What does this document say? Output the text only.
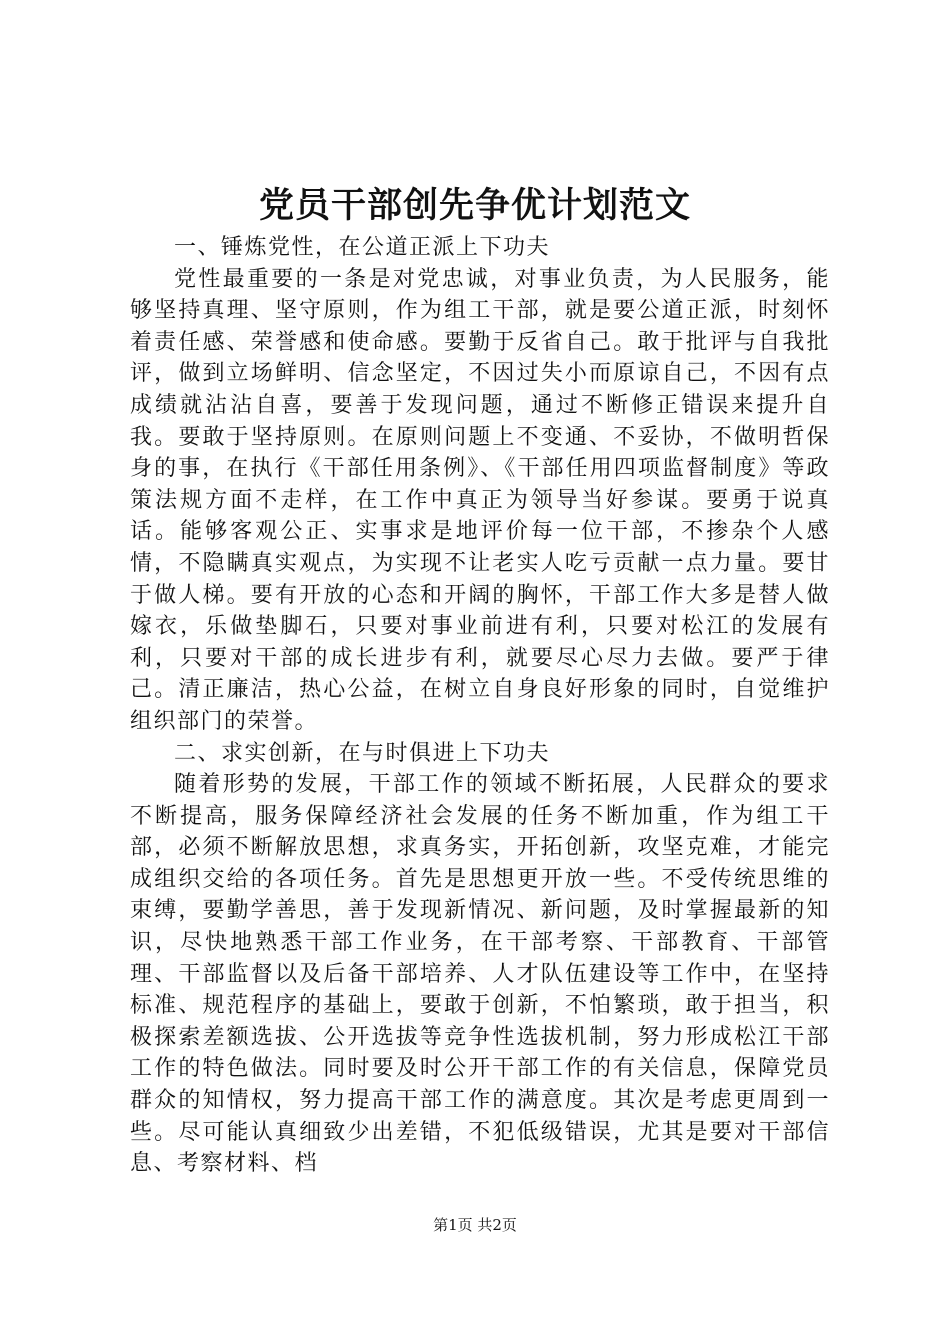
党员干部创先争优计划范文

一、锤炼党性，在公道正派上下功夫

党性最重要的一条是对党忠诚，对事业负责，为人民服务，能够坚持真理、坚守原则，作为组工干部，就是要公道正派，时刻怀着责任感、荣誉感和使命感。要勤于反省自己。敢于批评与自我批评，做到立场鲜明、信念坚定，不因过失小而原谅自己，不因有点成绩就沾沾自喜，要善于发现问题，通过不断修正错误来提升自我。要敢于坚持原则。在原则问题上不变通、不妥协，不做明哲保身的事，在执行《干部任用条例》、《干部任用四项监督制度》等政策法规方面不走样，在工作中真正为领导当好参谋。要勇于说真话。能够客观公正、实事求是地评价每一位干部，不掺杂个人感情，不隐瞒真实观点，为实现不让老实人吃亏贡献一点力量。要甘于做人梯。要有开放的心态和开阔的胸怀，干部工作大多是替人做嫁衣，乐做垫脚石，只要对事业前进有利，只要对松江的发展有利，只要对干部的成长进步有利，就要尽心尽力去做。要严于律己。清正廉洁，热心公益，在树立自身良好形象的同时，自觉维护组织部门的荣誉。

二、求实创新，在与时俱进上下功夫

随着形势的发展，干部工作的领域不断拓展，人民群众的要求不断提高，服务保障经济社会发展的任务不断加重，作为组工干部，必须不断解放思想，求真务实，开拓创新，攻坚克难，才能完成组织交给的各项任务。首先是思想更开放一些。不受传统思维的束缚，要勤学善思，善于发现新情况、新问题，及时掌握最新的知识，尽快地熟悉干部工作业务，在干部考察、干部教育、干部管理、干部监督以及后备干部培养、人才队伍建设等工作中，在坚持标准、规范程序的基础上，要敢于创新，不怕繁琐，敢于担当，积极探索差额选拔、公开选拔等竞争性选拔机制，努力形成松江干部工作的特色做法。同时要及时公开干部工作的有关信息，保障党员群众的知情权，努力提高干部工作的满意度。其次是考虑更周到一些。尽可能认真细致少出差错，不犯低级错误，尤其是要对干部信息、考察材料、档

第1页 共2页
